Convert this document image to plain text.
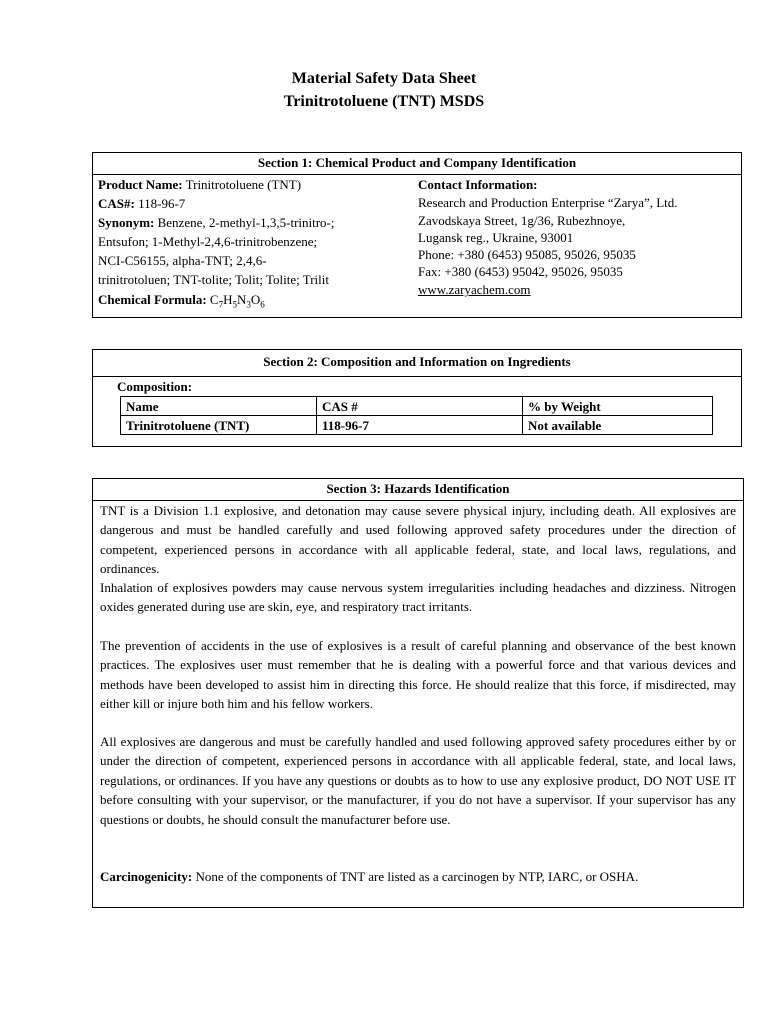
Material Safety Data Sheet
Trinitrotoluene (TNT) MSDS
Section 1: Chemical Product and Company Identification
Product Name: Trinitrotoluene (TNT)
CAS#: 118-96-7
Synonym: Benzene, 2-methyl-1,3,5-trinitro-;
Entsufon; 1-Methyl-2,4,6-trinitrobenzene;
NCI-C56155, alpha-TNT; 2,4,6-
trinitrotoluen; TNT-tolite; Tolit; Tolite; Trilit
Chemical Formula: $C_7H_5N_3O_6$
Contact Information:
Research and Production Enterprise “Zarya”, Ltd.
Zavodskaya Street, 1g/36, Rubezhnoye,
Lugansk reg., Ukraine, 93001
Phone: +380 (6453) 95085, 95026, 95035
Fax: +380 (6453) 95042, 95026, 95035
www.zaryachem.com
Section 2: Composition and Information on Ingredients
Composition:
Name	CAS #	% by Weight
Trinitrotoluene (TNT)	118-96-7	Not available
Section 3: Hazards Identification
TNT is a Division 1.1 explosive, and detonation may cause severe physical injury, including death. All explosives are dangerous and must be handled carefully and used following approved safety procedures under the direction of competent, experienced persons in accordance with all applicable federal, state, and local laws, regulations, and ordinances.
Inhalation of explosives powders may cause nervous system irregularities including headaches and dizziness. Nitrogen oxides generated during use are skin, eye, and respiratory tract irritants.
The prevention of accidents in the use of explosives is a result of careful planning and observance of the best known practices. The explosives user must remember that he is dealing with a powerful force and that various devices and methods have been developed to assist him in directing this force. He should realize that this force, if misdirected, may either kill or injure both him and his fellow workers.
All explosives are dangerous and must be carefully handled and used following approved safety procedures either by or under the direction of competent, experienced persons in accordance with all applicable federal, state, and local laws, regulations, or ordinances. If you have any questions or doubts as to how to use any explosive product, DO NOT USE IT before consulting with your supervisor, or the manufacturer, if you do not have a supervisor. If your supervisor has any questions or doubts, he should consult the manufacturer before use.
Carcinogenicity: None of the components of TNT are listed as a carcinogen by NTP, IARC, or OSHA.
